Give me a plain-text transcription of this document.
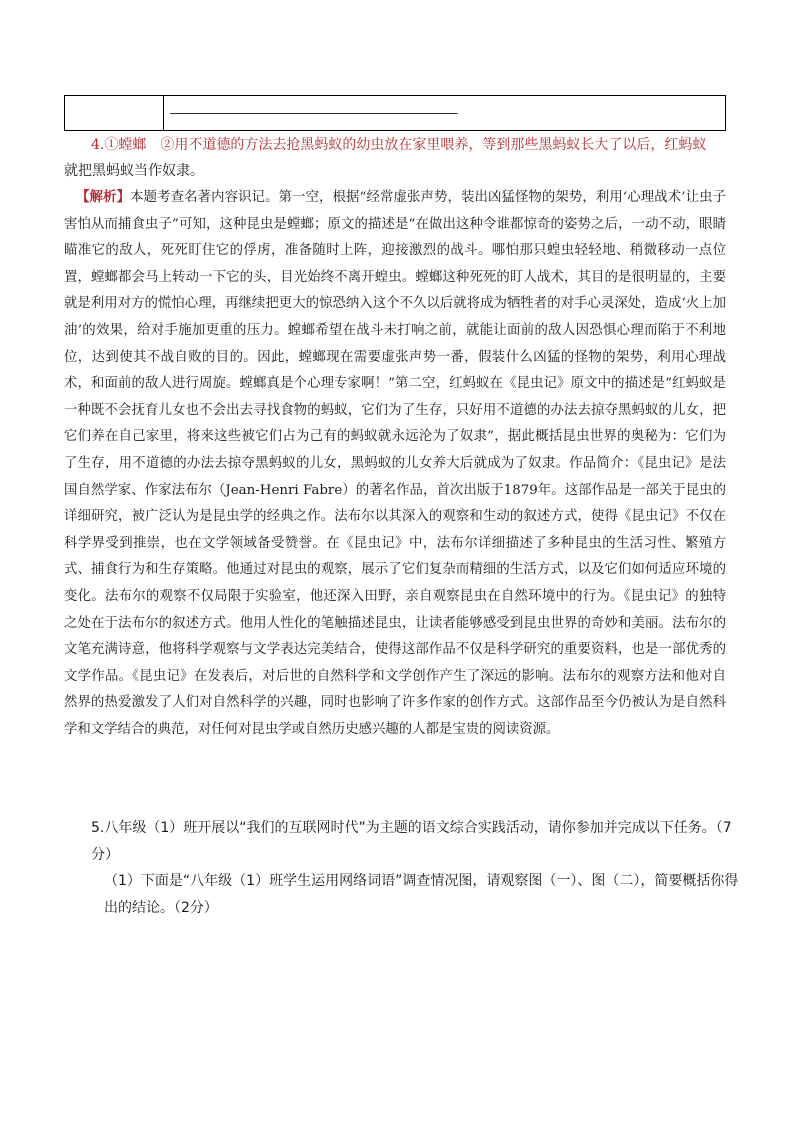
——————————————————————————————————————————
4.①螳螂　②用不道德的方法去抢黑蚂蚁的幼虫放在家里喂养，等到那些黑蚂蚁长大了以后，红蚂蚁
就把黑蚂蚁当作奴隶。
【解析】本题考查名著内容识记。第一空，根据“经常虚张声势，装出凶猛怪物的架势，利用‘心理战术’让虫子害怕从而捕食虫子”可知，这种昆虫是螳螂；原文的描述是“在做出这种令谁都惊奇的姿势之后，一动不动，眼睛瞄准它的敌人，死死盯住它的俘虏，准备随时上阵，迎接激烈的战斗。哪怕那只蝗虫轻轻地、稍微移动一点位置，螳螂都会马上转动一下它的头，目光始终不离开蝗虫。螳螂这种死死的盯人战术，其目的是很明显的，主要就是利用对方的慌怕心理，再继续把更大的惊恐纳入这个不久以后就将成为牺牲者的对手心灵深处，造成‘火上加油’的效果，给对手施加更重的压力。螳螂希望在战斗未打响之前，就能让面前的敌人因恐惧心理而陷于不利地位，达到使其不战自败的目的。因此，螳螂现在需要虚张声势一番，假装什么凶猛的怪物的架势，利用心理战术，和面前的敌人进行周旋。螳螂真是个心理专家啊！”第二空，红蚂蚁在《昆虫记》原文中的描述是“红蚂蚁是一种既不会抚育儿女也不会出去寻找食物的蚂蚁，它们为了生存，只好用不道德的办法去掠夺黑蚂蚁的儿女，把它们养在自己家里，将来这些被它们占为己有的蚂蚁就永远沦为了奴隶”，据此概括昆虫世界的奥秘为：它们为了生存，用不道德的办法去掠夺黑蚂蚁的儿女，黑蚂蚁的儿女养大后就成为了奴隶。作品简介：《昆虫记》是法国自然学家、作家法布尔（Jean-Henri Fabre）的著名作品，首次出版于1879年。这部作品是一部关于昆虫的详细研究，被广泛认为是昆虫学的经典之作。法布尔以其深入的观察和生动的叙述方式，使得《昆虫记》不仅在科学界受到推崇，也在文学领域备受赞誉。在《昆虫记》中，法布尔详细描述了多种昆虫的生活习性、繁殖方式、捕食行为和生存策略。他通过对昆虫的观察，展示了它们复杂而精细的生活方式，以及它们如何适应环境的变化。法布尔的观察不仅局限于实验室，他还深入田野，亲自观察昆虫在自然环境中的行为。《昆虫记》的独特之处在于法布尔的叙述方式。他用人性化的笔触描述昆虫，让读者能够感受到昆虫世界的奇妙和美丽。法布尔的文笔充满诗意，他将科学观察与文学表达完美结合，使得这部作品不仅是科学研究的重要资料，也是一部优秀的文学作品。《昆虫记》在发表后，对后世的自然科学和文学创作产生了深远的影响。法布尔的观察方法和他对自然界的热爱激发了人们对自然科学的兴趣，同时也影响了许多作家的创作方式。这部作品至今仍被认为是自然科学和文学结合的典范，对任何对昆虫学或自然历史感兴趣的人都是宝贵的阅读资源。
5.八年级（1）班开展以“我们的互联网时代”为主题的语文综合实践活动，请你参加并完成以下任务。（7分）
（1）下面是“八年级（1）班学生运用网络词语”调查情况图，请观察图（一）、图（二），简要概括你得出的结论。（2分）
